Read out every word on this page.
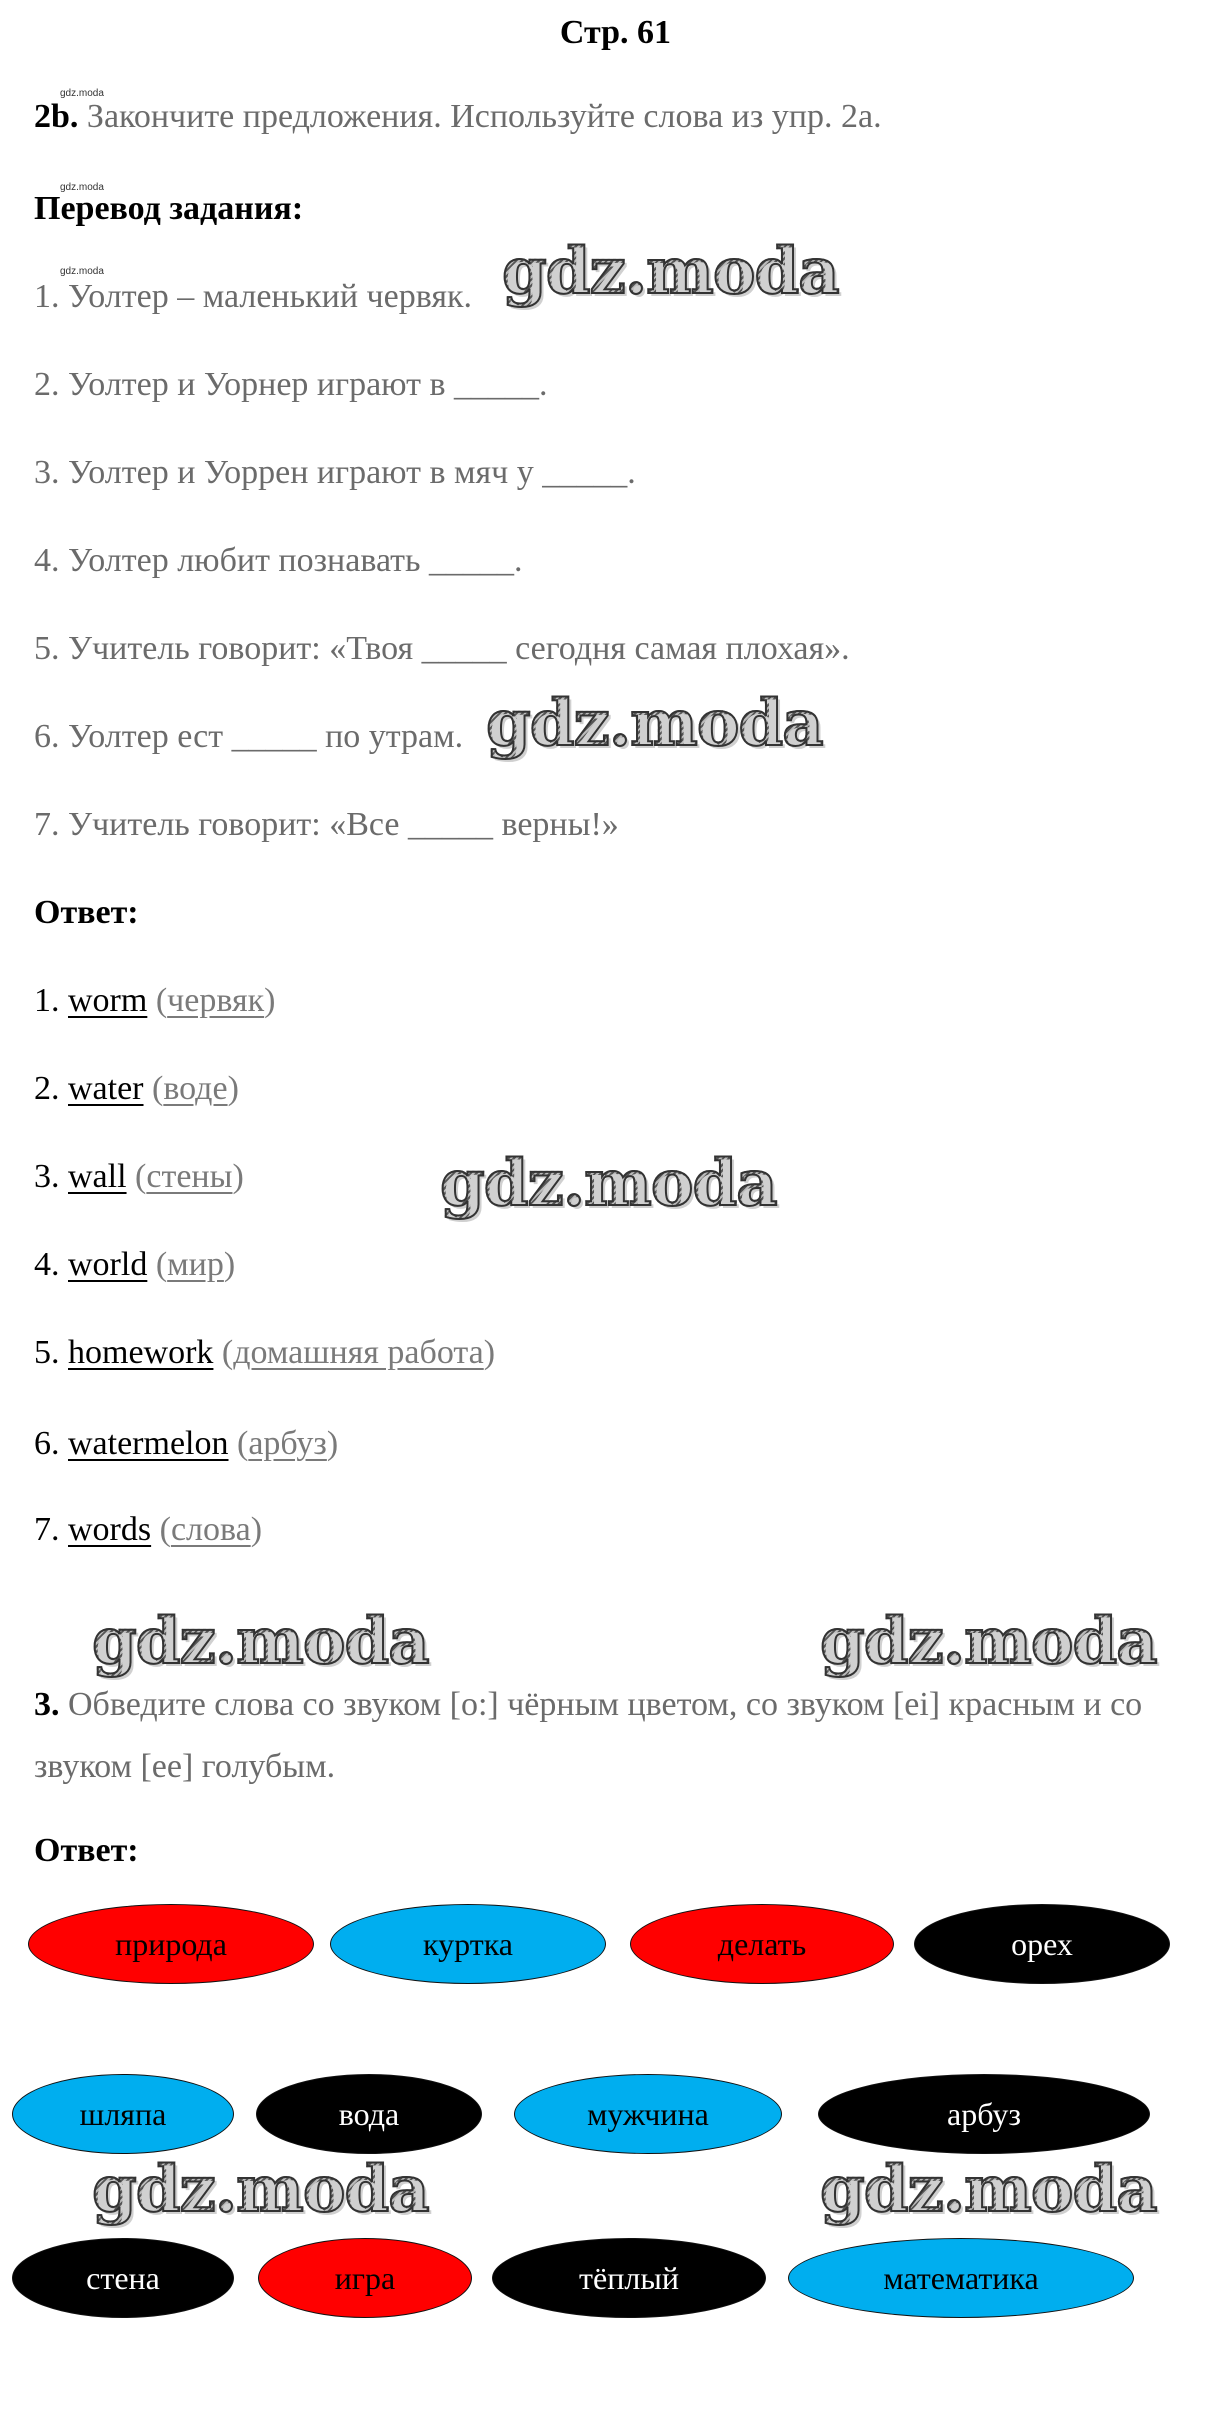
Стр. 61
gdz.moda
gdz.moda
gdz.moda
2b. Закончите предложения. Используйте слова из упр. 2а.
Перевод задания:
1. Уолтер – маленький червяк.
2. Уолтер и Уорнер играют в _____.
3. Уолтер и Уоррен играют в мяч у _____.
4. Уолтер любит познавать _____.
5. Учитель говорит: «Твоя _____ сегодня самая плохая».
6. Уолтер ест _____ по утрам.
7. Учитель говорит: «Все _____ верны!»
Ответ:
1. worm (червяк)
2. water (воде)
3. wall (стены)
4. world (мир)
5. homework (домашняя работа)
6. watermelon (арбуз)
7. words (слова)
3. Обведите слова со звуком [о:] чёрным цветом, со звуком [ei] красным и со
звуком [ee] голубым.
Ответ:
природа	куртка	делать	орех
шляпа	вода	мужчина	арбуз
стена	игра	тёплый	математика
gdz.moda
gdz.moda
gdz.moda
gdz.moda	gdz.moda
gdz.moda	gdz.moda
